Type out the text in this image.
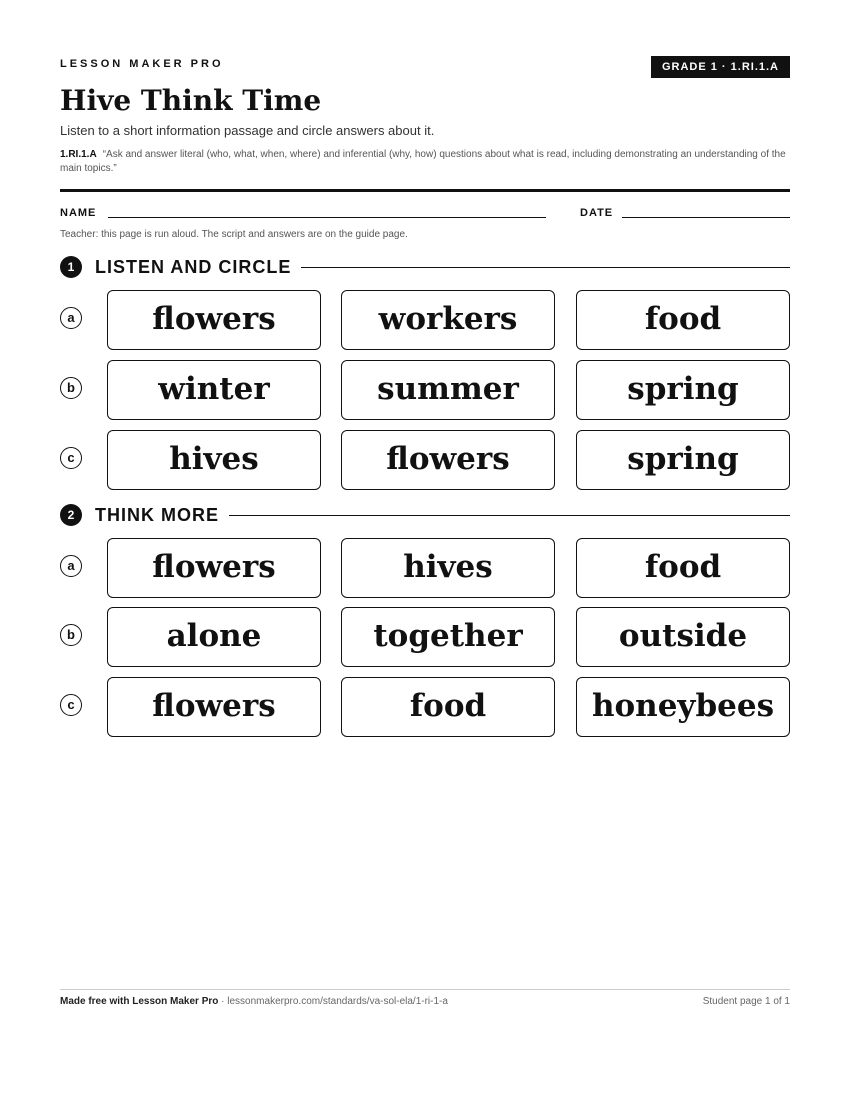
LESSON MAKER PRO	GRADE 1 · 1.RI.1.A
Hive Think Time
Listen to a short information passage and circle answers about it.
1.RI.1.A “Ask and answer literal (who, what, when, where) and inferential (why, how) questions about what is read, including demonstrating an understanding of the main topics.”
NAME	DATE
Teacher: this page is run aloud. The script and answers are on the guide page.
1	LISTEN AND CIRCLE
a	flowers	workers	food
b	winter	summer	spring
c	hives	flowers	spring
2	THINK MORE
a	flowers	hives	food
b	alone	together	outside
c	flowers	food	honeybees
Made free with Lesson Maker Pro · lessonmakerpro.com/standards/va-sol-ela/1-ri-1-a	Student page 1 of 1
